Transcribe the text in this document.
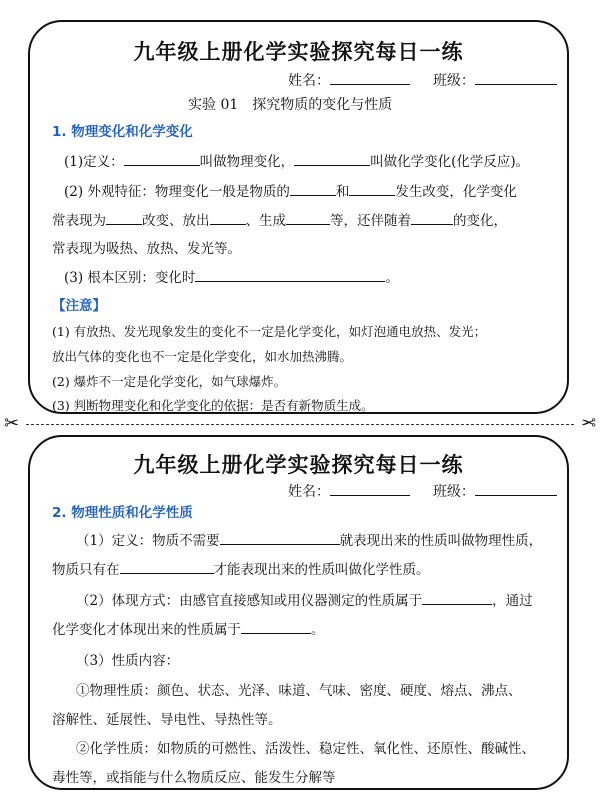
九年级上册化学实验探究每日一练
姓名：	班级：
实验 01　探究物质的变化与性质
1. 物理变化和化学变化
(1)定义：	叫做物理变化，	叫做化学变化(化学反应)。
(2) 外观特征：物理变化一般是物质的	和	发生改变，化学变化
常表现为	改变、放出	、生成	等，还伴随着	的变化，
常表现为吸热、放热、发光等。
(3) 根本区别：变化时	。
【注意】
(1) 有放热、发光现象发生的变化不一定是化学变化，如灯泡通电放热、发光；
放出气体的变化也不一定是化学变化，如水加热沸腾。
(2) 爆炸不一定是化学变化，如气球爆炸。
(3) 判断物理变化和化学变化的依据：是否有新物质生成。
✂	✂
九年级上册化学实验探究每日一练
姓名：	班级：
2. 物理性质和化学性质
（1）定义：物质不需要	就表现出来的性质叫做物理性质，
物质只有在	才能表现出来的性质叫做化学性质。
（2）体现方式：由感官直接感知或用仪器测定的性质属于	，通过
化学变化才体现出来的性质属于	。
（3）性质内容：
①物理性质：颜色、状态、光泽、味道、气味、密度、硬度、熔点、沸点、
溶解性、延展性、导电性、导热性等。
②化学性质：如物质的可燃性、活泼性、稳定性、氧化性、还原性、酸碱性、
毒性等，或指能与什么物质反应、能发生分解等
